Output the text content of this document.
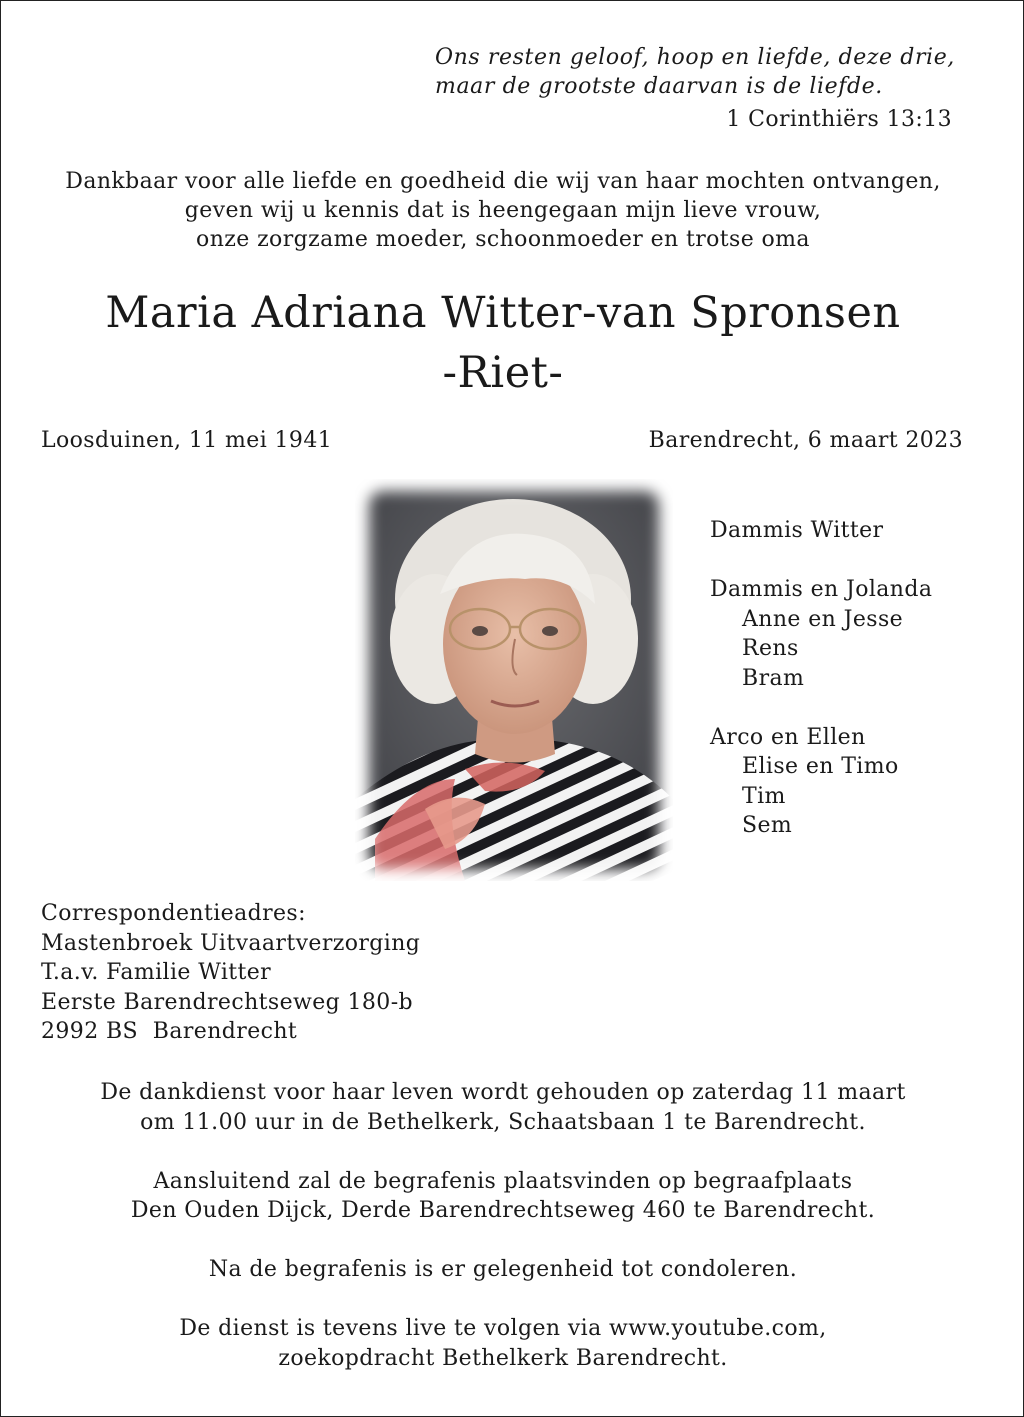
Ons resten geloof, hoop en liefde, deze drie,
maar de grootste daarvan is de liefde.
1 Corinthiërs 13:13
Dankbaar voor alle liefde en goedheid die wij van haar mochten ontvangen,
geven wij u kennis dat is heengegaan mijn lieve vrouw,
onze zorgzame moeder, schoonmoeder en trotse oma
Maria Adriana Witter-van Spronsen
-Riet-
Loosduinen, 11 mei 1941	Barendrecht, 6 maart 2023
Dammis Witter
Dammis en Jolanda
Anne en Jesse
Rens
Bram
Arco en Ellen
Elise en Timo
Tim
Sem
Correspondentieadres:
Mastenbroek Uitvaartverzorging
T.a.v. Familie Witter
Eerste Barendrechtseweg 180-b
2992 BS  Barendrecht
De dankdienst voor haar leven wordt gehouden op zaterdag 11 maart
om 11.00 uur in de Bethelkerk, Schaatsbaan 1 te Barendrecht.
Aansluitend zal de begrafenis plaatsvinden op begraafplaats
Den Ouden Dijck, Derde Barendrechtseweg 460 te Barendrecht.
Na de begrafenis is er gelegenheid tot condoleren.
De dienst is tevens live te volgen via www.youtube.com,
zoekopdracht Bethelkerk Barendrecht.
